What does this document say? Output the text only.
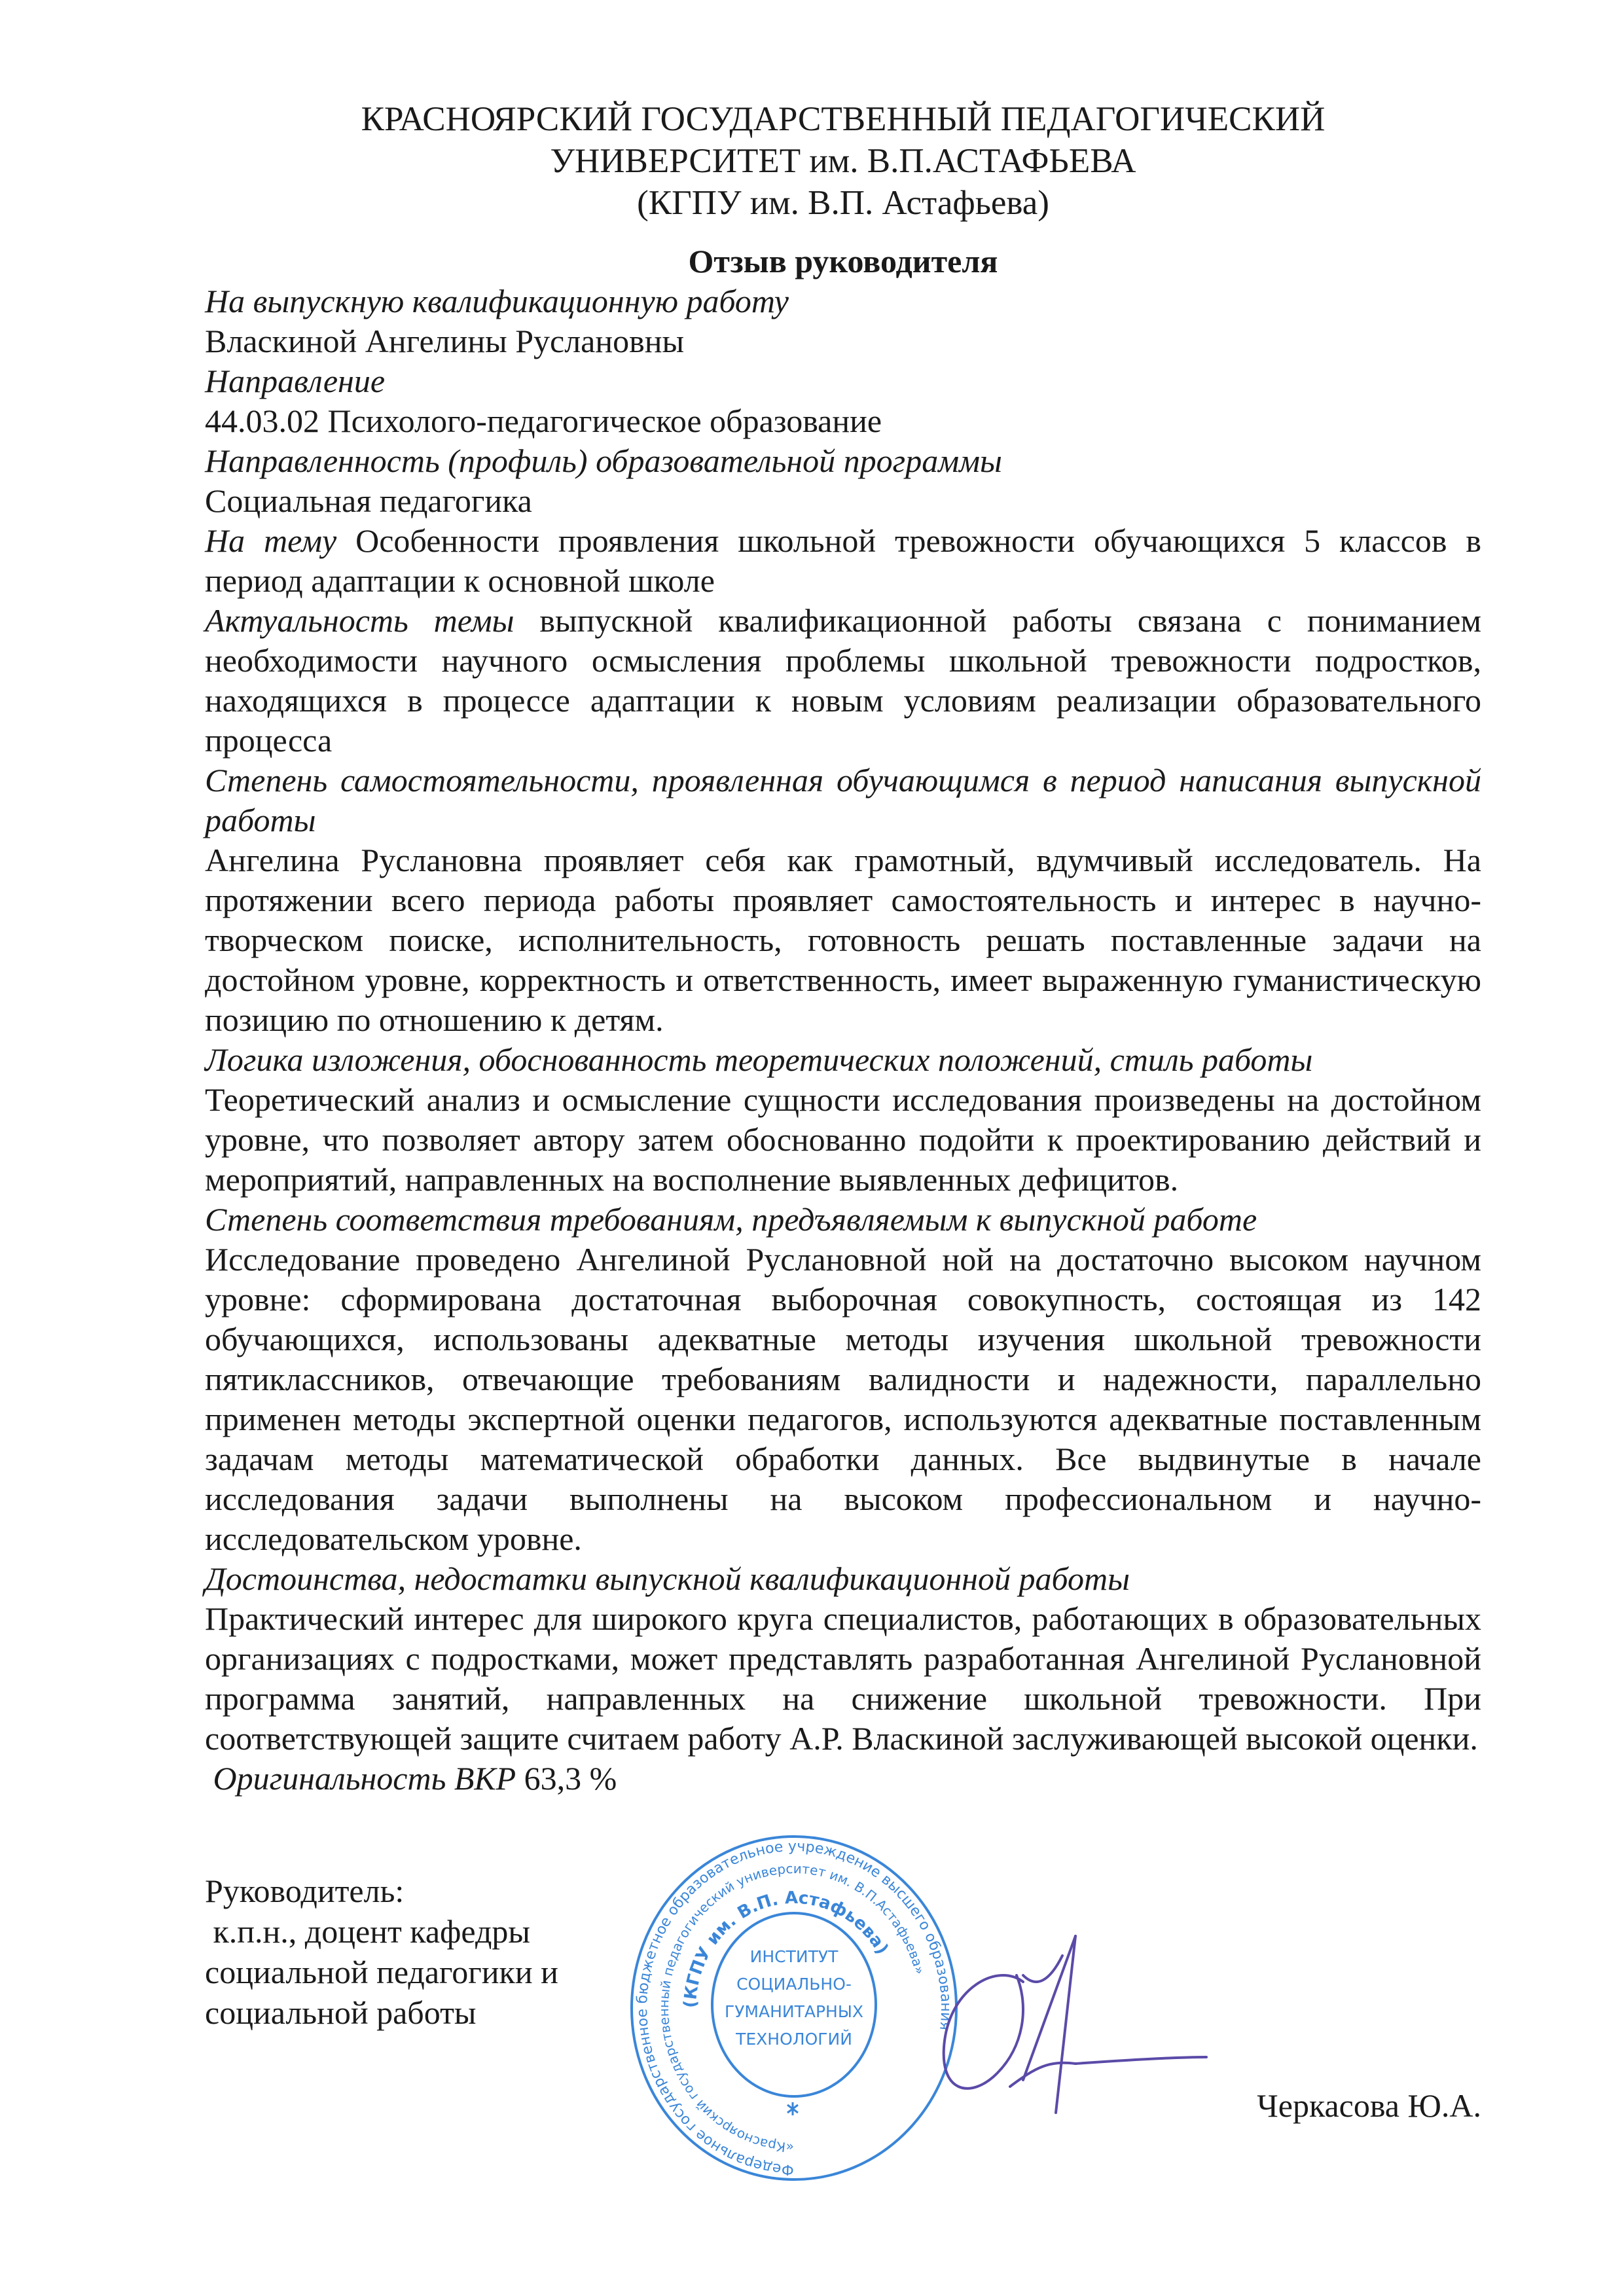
КРАСНОЯРСКИЙ ГОСУДАРСТВЕННЫЙ ПЕДАГОГИЧЕСКИЙ
УНИВЕРСИТЕТ им. В.П.АСТАФЬЕВА
(КГПУ им. В.П. Астафьева)
Отзыв руководителя

На выпускную квалификационную работу

Власкиной Ангелины Руслановны

Направление

44.03.02 Психолого-педагогическое образование

Направленность (профиль) образовательной программы

Социальная педагогика

На тему Особенности проявления школьной тревожности обучающихся 5 классов в период адаптации к основной школе

Актуальность темы выпускной квалификационной работы связана с пониманием необходимости научного осмысления проблемы школьной тревожности подростков, находящихся в процессе адаптации к новым условиям реализации образовательного процесса

Степень самостоятельности, проявленная обучающимся в период написания выпускной работы

Ангелина Руслановна проявляет себя как грамотный, вдумчивый исследователь. На протяжении всего периода работы проявляет самостоятельность и интерес в научно-творческом поиске, исполнительность, готовность решать поставленные задачи на достойном уровне, корректность и ответственность, имеет выраженную гуманистическую позицию по отношению к детям.

Логика изложения, обоснованность теоретических положений, стиль работы

Теоретический анализ и осмысление сущности исследования произведены на достойном уровне, что позволяет автору затем обоснованно подойти к проектированию действий и мероприятий, направленных на восполнение выявленных дефицитов.

Степень соответствия требованиям, предъявляемым к выпускной работе

Исследование проведено Ангелиной Руслановной ной на достаточно высоком научном уровне: сформирована достаточная выборочная совокупность, состоящая из 142 обучающихся, использованы адекватные методы изучения школьной тревожности пятиклассников, отвечающие требованиям валидности и надежности, параллельно применен методы экспертной оценки педагогов, используются адекватные поставленным задачам методы математической обработки данных. Все выдвинутые в начале исследования задачи выполнены на высоком профессиональном и научно-исследовательском уровне.

Достоинства, недостатки выпускной квалификационной работы

Практический интерес для широкого круга специалистов, работающих в образовательных организациях с подростками, может представлять разработанная Ангелиной Руслановной программа занятий, направленных на снижение школьной тревожности. При соответствующей защите считаем работу А.Р. Власкиной заслуживающей высокой оценки.

Оригинальность ВКР 63,3 %

Руководитель:
к.п.н., доцент кафедры
социальной педагогики и
социальной работы
Федеральное государственное бюджетное образовательное учреждение высшего образования
«Красноярский государственный педагогический университет им. В.П.Астафьева»
(КГПУ им. В.П. Астафьева)
ИНСТИТУТ
СОЦИАЛЬНО-
ГУМАНИТАРНЫХ
ТЕХНОЛОГИЙ
Черкасова Ю.А.
